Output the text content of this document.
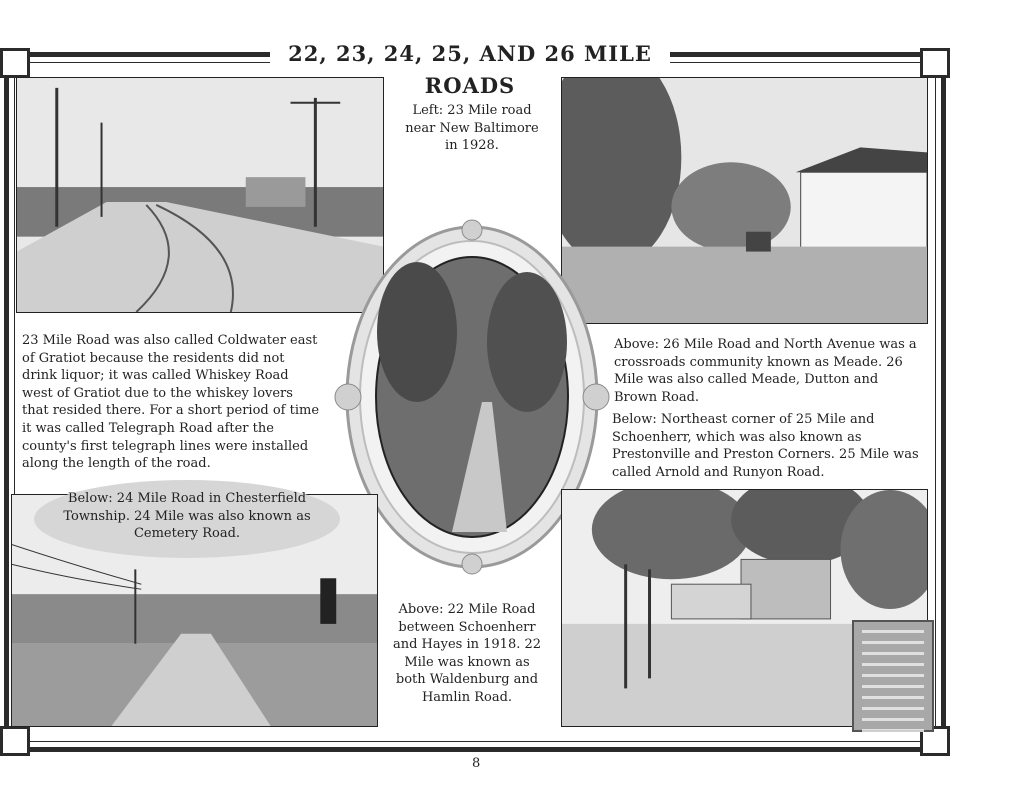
22, 23, 24, 25, AND 26 MILE ROADS

Left: 23 Mile road near New Baltimore in 1928.

23 Mile Road was also called Coldwater east of Gratiot because the residents did not drink liquor; it was called Whiskey Road west of Gratiot due to the whiskey lovers that resided there. For a short period of time it was called Telegraph Road after the county's first telegraph lines were installed along the length of the road.

Above: 26 Mile Road and North Avenue was a crossroads community known as Meade. 26 Mile was also called Meade, Dutton and Brown Road.

Below: Northeast corner of 25 Mile and Schoenherr, which was also known as Prestonville and Preston Corners. 25 Mile was called Arnold and Runyon Road.

Below: 24 Mile Road in Chesterfield Township. 24 Mile was also known as Cemetery Road.

Above: 22 Mile Road between Schoenherr and Hayes in 1918. 22 Mile was known as both Waldenburg and Hamlin Road.

8
